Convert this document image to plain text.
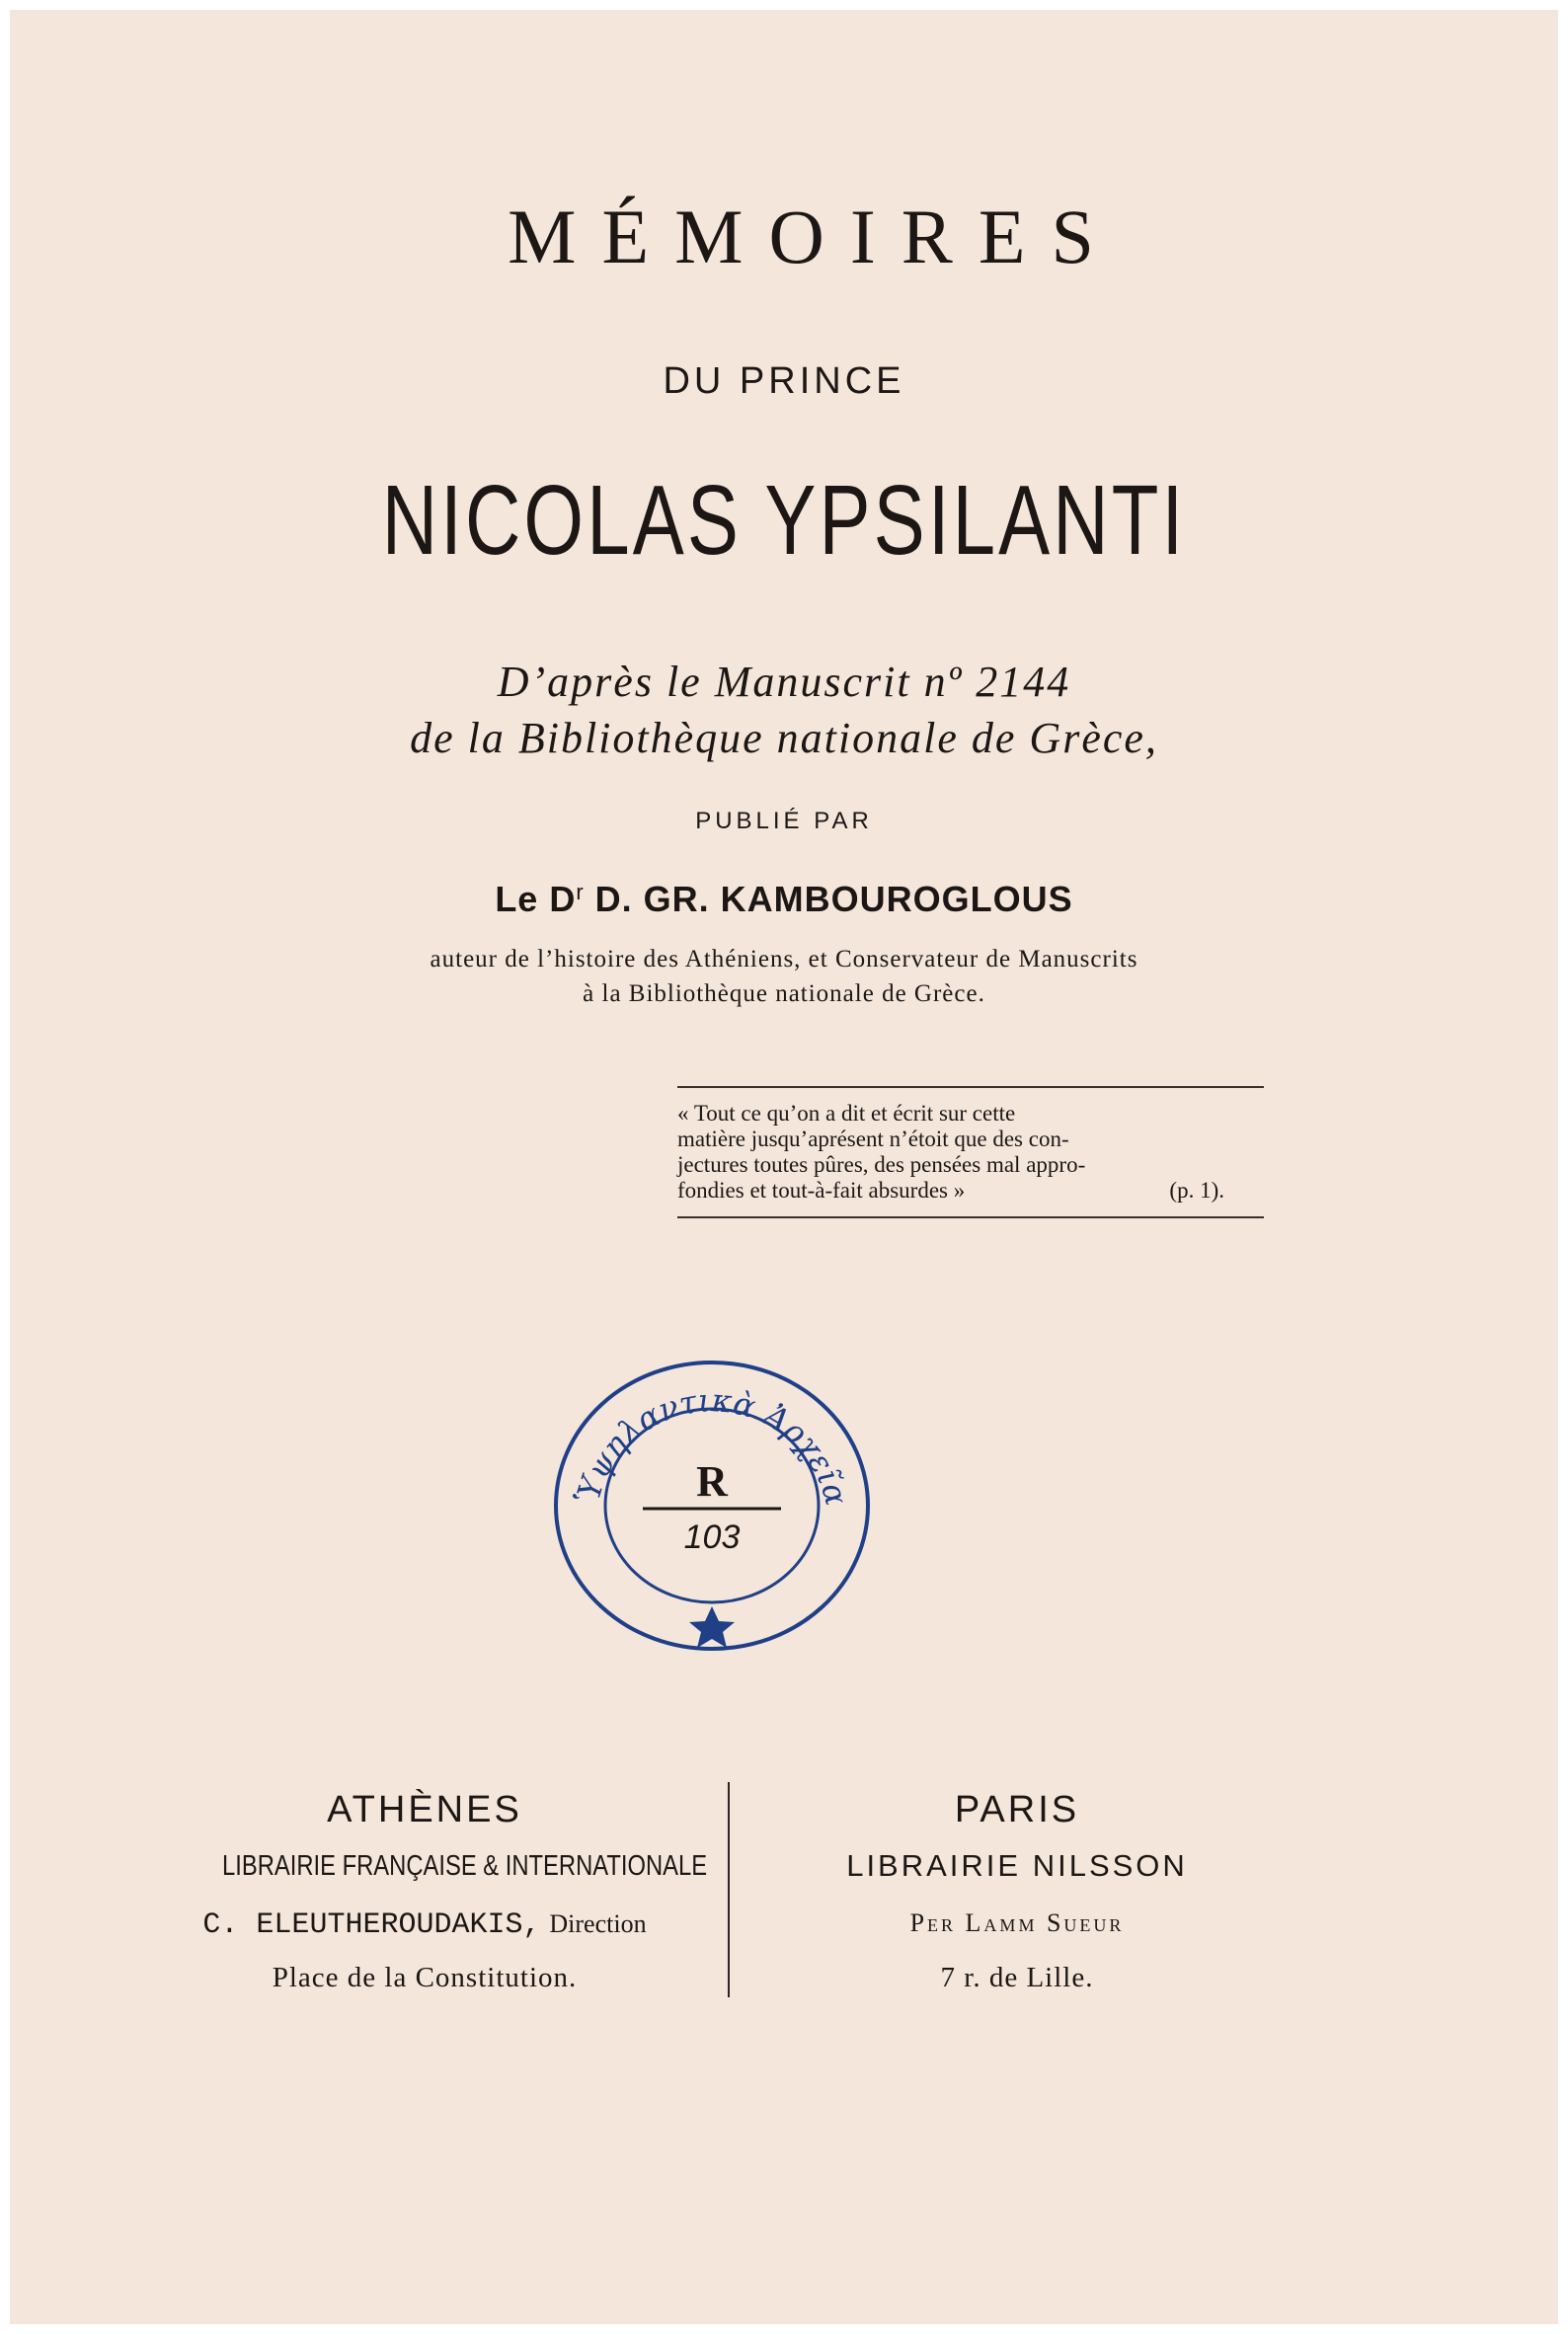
MÉMOIRES
DU PRINCE
NICOLAS YPSILANTI
D’après le Manuscrit nº 2144
de la Bibliothèque nationale de Grèce,
PUBLIÉ PAR
Le $D^r$ D. GR. KAMBOUROGLOUS
auteur de l’histoire des Athéniens, et Conservateur de Manuscrits
à la Bibliothèque nationale de Grèce.
« Tout ce qu’on a dit et écrit sur cette
matière jusqu’aprésent n’étoit que des con-
jectures toutes pûres, des pensées mal appro-
fondies et tout-à-fait absurdes »	(p. 1).
Ὑψηλαντικὰ Ἀρχεῖα
R
103
ATHÈNES
LIBRAIRIE FRANÇAISE & INTERNATIONALE
C. ELEUTHEROUDAKIS, Direction
Place de la Constitution.
PARIS
LIBRAIRIE NILSSON
Per Lamm Sueur
7 r. de Lille.
